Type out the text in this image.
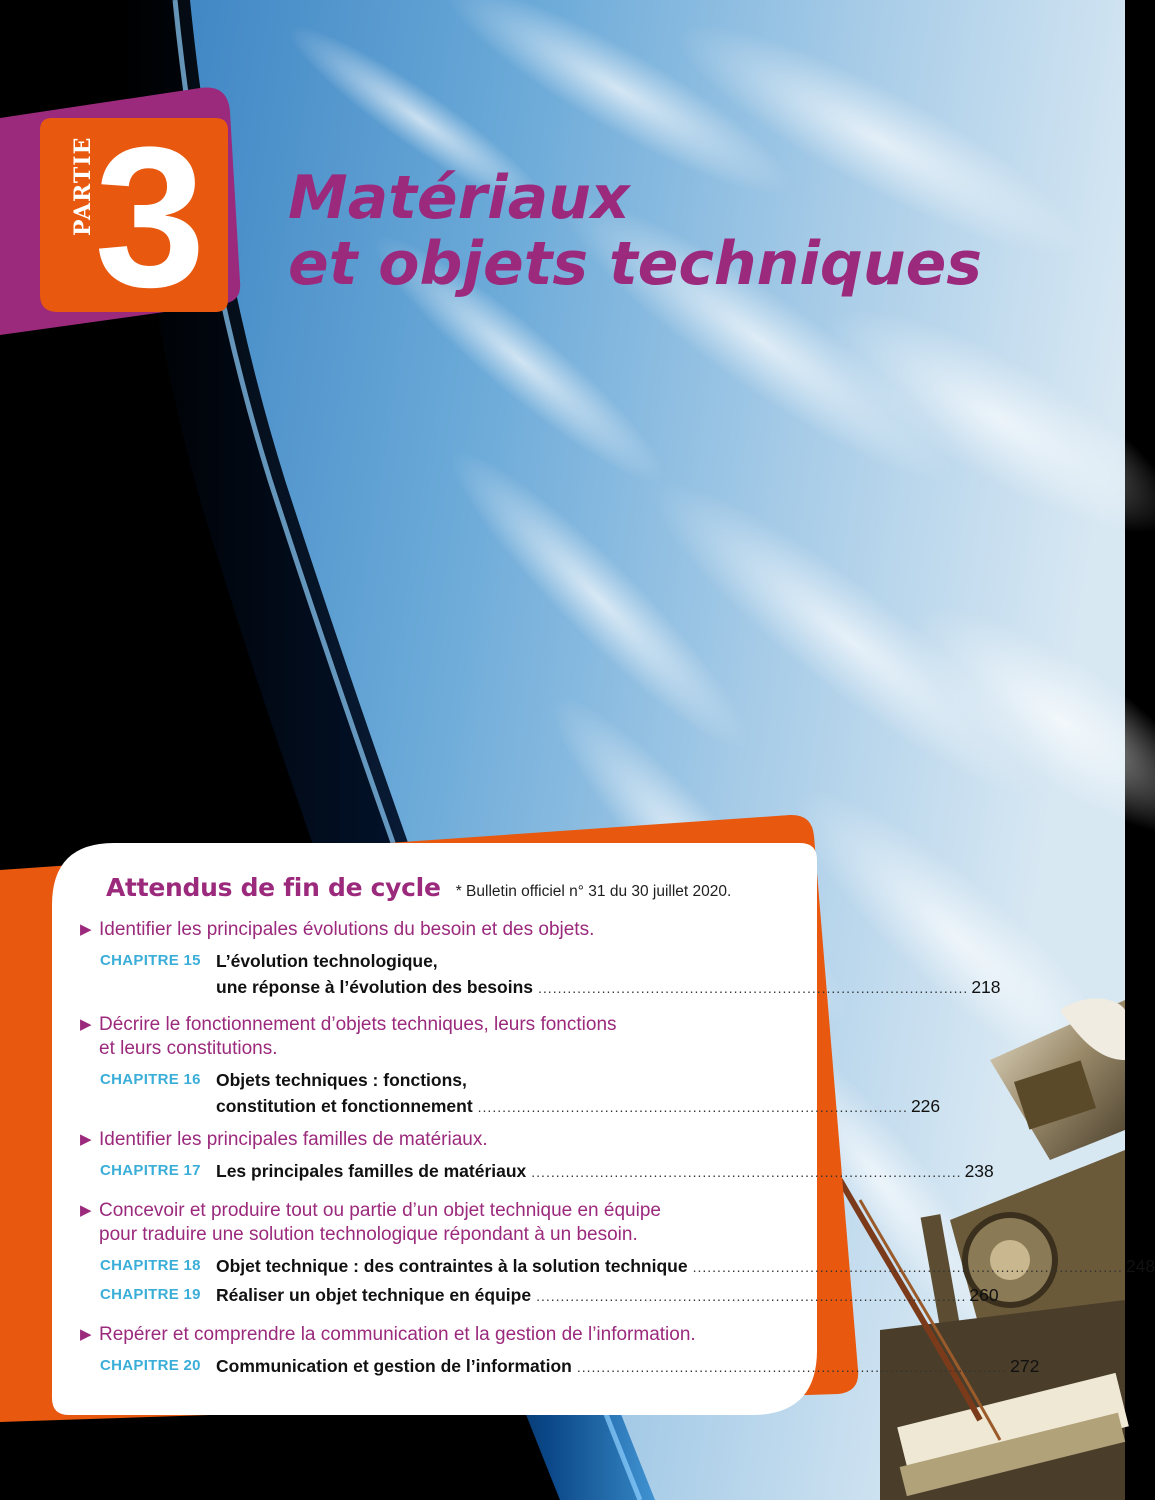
PARTIE
3 Matériaux
et objets techniques
Attendus de fin de cycle * Bulletin officiel n° 31 du 30 juillet 2020.
▶ Identifier les principales évolutions du besoin et des objets.
CHAPITRE 15 L’évolution technologique,
une réponse à l’évolution des besoins ........................................................................................ 218
▶ Décrire le fonctionnement d’objets techniques, leurs fonctions
et leurs constitutions.
CHAPITRE 16 Objets techniques : fonctions,
constitution et fonctionnement ........................................................................................ 226
▶ Identifier les principales familles de matériaux.
CHAPITRE 17 Les principales familles de matériaux ........................................................................................ 238
▶ Concevoir et produire tout ou partie d’un objet technique en équipe
pour traduire une solution technologique répondant à un besoin.
CHAPITRE 18 Objet technique : des contraintes à la solution technique ........................................................................................ 248
CHAPITRE 19 Réaliser un objet technique en équipe ........................................................................................ 260
▶ Repérer et comprendre la communication et la gestion de l’information.
CHAPITRE 20 Communication et gestion de l’information ........................................................................................ 272
